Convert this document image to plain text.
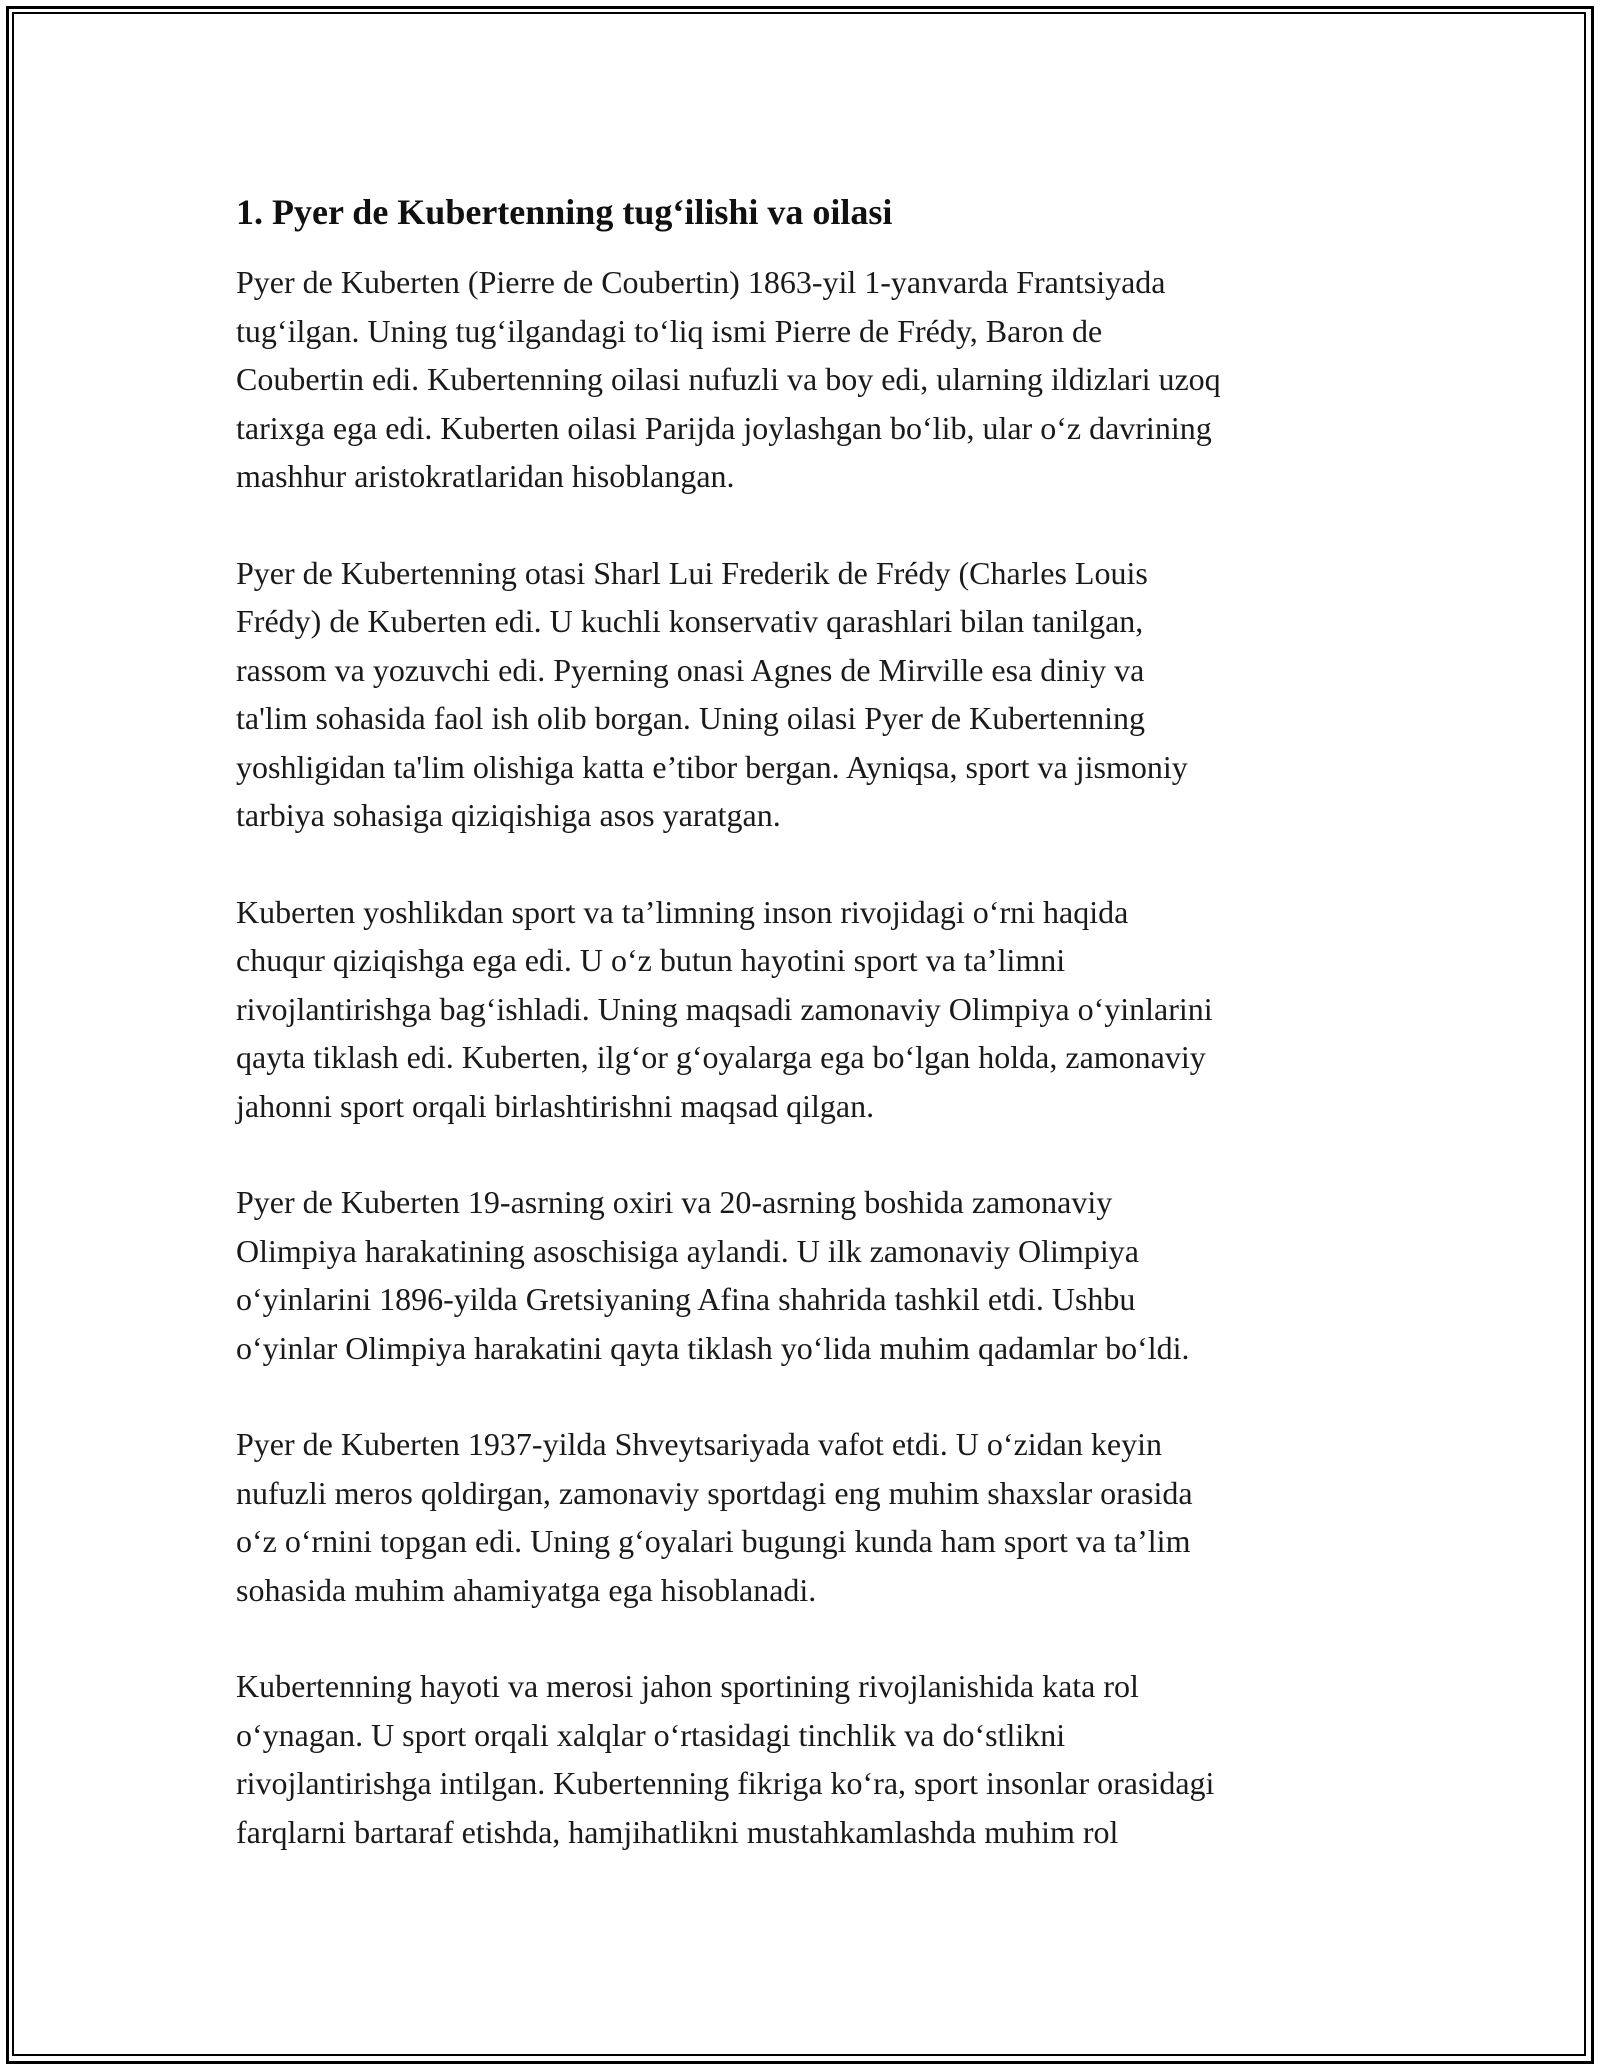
1. Pyer de Kubertenning tug‘ilishi va oilasi

Pyer de Kuberten (Pierre de Coubertin) 1863-yil 1-yanvarda Frantsiyada
tug‘ilgan. Uning tug‘ilgandagi to‘liq ismi Pierre de Frédy, Baron de
Coubertin edi. Kubertenning oilasi nufuzli va boy edi, ularning ildizlari uzoq
tarixga ega edi. Kuberten oilasi Parijda joylashgan bo‘lib, ular o‘z davrining
mashhur aristokratlaridan hisoblangan.

Pyer de Kubertenning otasi Sharl Lui Frederik de Frédy (Charles Louis
Frédy) de Kuberten edi. U kuchli konservativ qarashlari bilan tanilgan,
rassom va yozuvchi edi. Pyerning onasi Agnes de Mirville esa diniy va
ta'lim sohasida faol ish olib borgan. Uning oilasi Pyer de Kubertenning
yoshligidan ta'lim olishiga katta e’tibor bergan. Ayniqsa, sport va jismoniy
tarbiya sohasiga qiziqishiga asos yaratgan.

Kuberten yoshlikdan sport va ta’limning inson rivojidagi o‘rni haqida
chuqur qiziqishga ega edi. U o‘z butun hayotini sport va ta’limni
rivojlantirishga bag‘ishladi. Uning maqsadi zamonaviy Olimpiya o‘yinlarini
qayta tiklash edi. Kuberten, ilg‘or g‘oyalarga ega bo‘lgan holda, zamonaviy
jahonni sport orqali birlashtirishni maqsad qilgan.

Pyer de Kuberten 19-asrning oxiri va 20-asrning boshida zamonaviy
Olimpiya harakatining asoschisiga aylandi. U ilk zamonaviy Olimpiya
o‘yinlarini 1896-yilda Gretsiyaning Afina shahrida tashkil etdi. Ushbu
o‘yinlar Olimpiya harakatini qayta tiklash yo‘lida muhim qadamlar bo‘ldi.

Pyer de Kuberten 1937-yilda Shveytsariyada vafot etdi. U o‘zidan keyin
nufuzli meros qoldirgan, zamonaviy sportdagi eng muhim shaxslar orasida
o‘z o‘rnini topgan edi. Uning g‘oyalari bugungi kunda ham sport va ta’lim
sohasida muhim ahamiyatga ega hisoblanadi.

Kubertenning hayoti va merosi jahon sportining rivojlanishida kata rol
o‘ynagan. U sport orqali xalqlar o‘rtasidagi tinchlik va do‘stlikni
rivojlantirishga intilgan. Kubertenning fikriga ko‘ra, sport insonlar orasidagi
farqlarni bartaraf etishda, hamjihatlikni mustahkamlashda muhim rol
